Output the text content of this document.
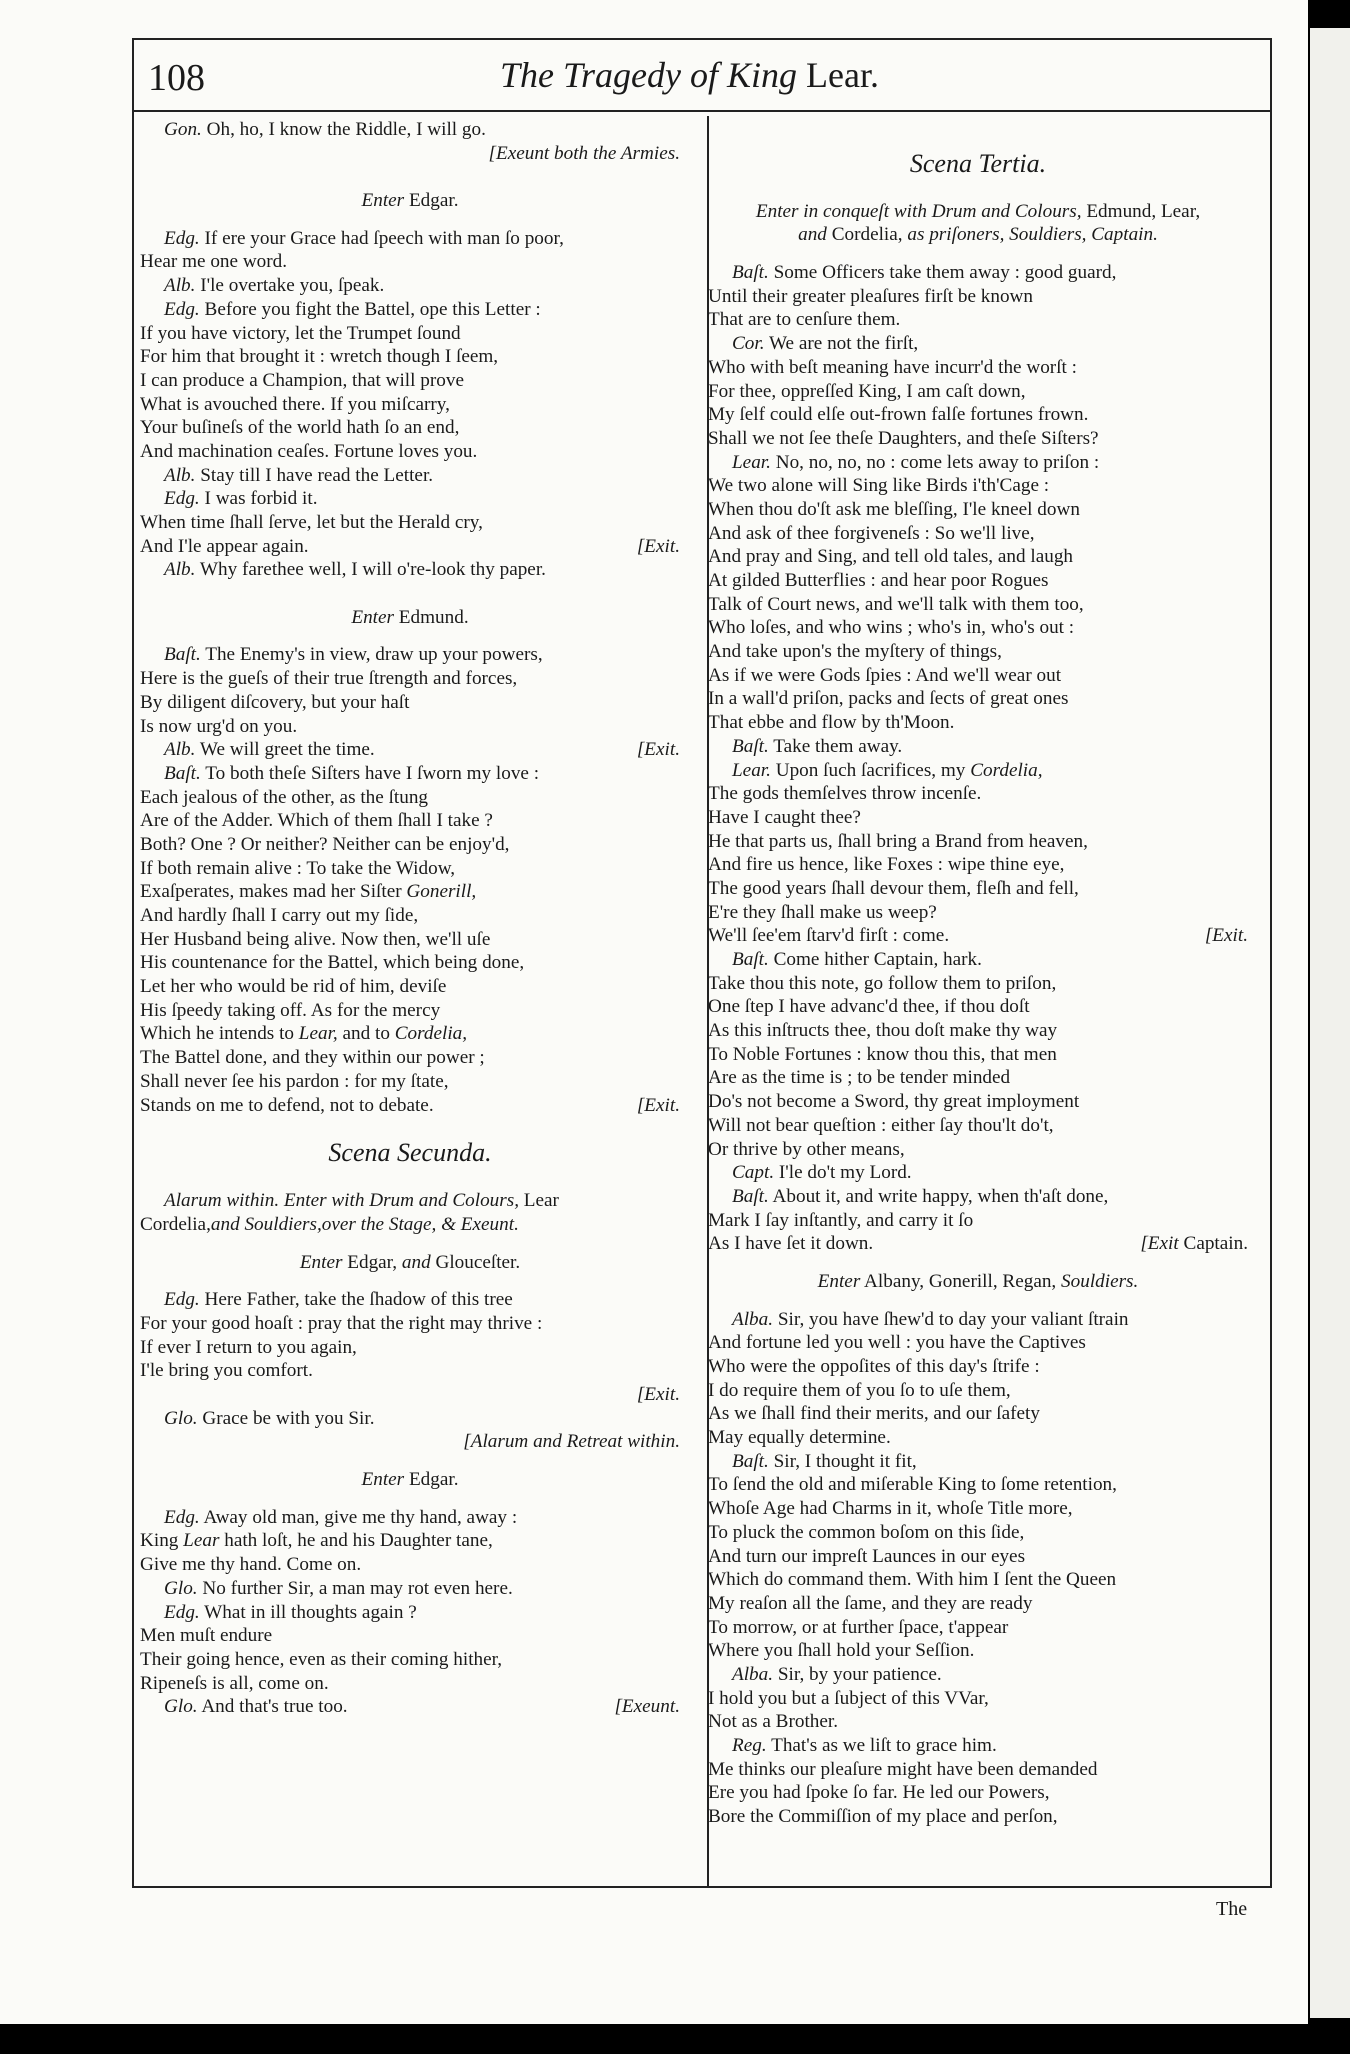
108	The Tragedy of King Lear.
Gon. Oh, ho, I know the Riddle, I will go.
[Exeunt both the Armies.
Enter Edgar.
Edg. If ere your Grace had ſpeech with man ſo poor,
Hear me one word.
Alb. I'le overtake you, ſpeak.
Edg. Before you fight the Battel, ope this Letter :
If you have victory, let the Trumpet ſound
For him that brought it : wretch though I ſeem,
I can produce a Champion, that will prove
What is avouched there. If you miſcarry,
Your buſineſs of the world hath ſo an end,
And machination ceaſes. Fortune loves you.
Alb. Stay till I have read the Letter.
Edg. I was forbid it.
When time ſhall ſerve, let but the Herald cry,
And I'le appear again.	[Exit.
Alb. Why farethee well, I will o're-look thy paper.
Enter Edmund.
Baſt. The Enemy's in view, draw up your powers,
Here is the gueſs of their true ſtrength and forces,
By diligent diſcovery, but your haſt
Is now urg'd on you.
Alb. We will greet the time.	[Exit.
Baſt. To both theſe Siſters have I ſworn my love :
Each jealous of the other, as the ſtung
Are of the Adder. Which of them ſhall I take ?
Both? One ? Or neither? Neither can be enjoy'd,
If both remain alive : To take the Widow,
Exaſperates, makes mad her Siſter Gonerill,
And hardly ſhall I carry out my ſide,
Her Husband being alive. Now then, we'll uſe
His countenance for the Battel, which being done,
Let her who would be rid of him, deviſe
His ſpeedy taking off. As for the mercy
Which he intends to Lear, and to Cordelia,
The Battel done, and they within our power ;
Shall never ſee his pardon : for my ſtate,
Stands on me to defend, not to debate.	[Exit.
Scena Secunda.
Alarum within. Enter with Drum and Colours, Lear
Cordelia,and Souldiers,over the Stage, & Exeunt.
Enter Edgar, and Glouceſter.
Edg. Here Father, take the ſhadow of this tree
For your good hoaſt : pray that the right may thrive :
If ever I return to you again,
I'le bring you comfort.
[Exit.
Glo. Grace be with you Sir.
[Alarum and Retreat within.
Enter Edgar.
Edg. Away old man, give me thy hand, away :
King Lear hath loſt, he and his Daughter tane,
Give me thy hand. Come on.
Glo. No further Sir, a man may rot even here.
Edg. What in ill thoughts again ?
Men muſt endure
Their going hence, even as their coming hither,
Ripeneſs is all, come on.
Glo. And that's true too.	[Exeunt.
Scena Tertia.
Enter in conqueſt with Drum and Colours, Edmund, Lear,
and Cordelia, as priſoners, Souldiers, Captain.
Baſt. Some Officers take them away : good guard,
Until their greater pleaſures firſt be known
That are to cenſure them.
Cor. We are not the firſt,
Who with beſt meaning have incurr'd the worſt :
For thee, oppreſſed King, I am caſt down,
My ſelf could elſe out-frown falſe fortunes frown.
Shall we not ſee theſe Daughters, and theſe Siſters?
Lear. No, no, no, no : come lets away to priſon :
We two alone will Sing like Birds i'th'Cage :
When thou do'ſt ask me bleſſing, I'le kneel down
And ask of thee forgiveneſs : So we'll live,
And pray and Sing, and tell old tales, and laugh
At gilded Butterflies : and hear poor Rogues
Talk of Court news, and we'll talk with them too,
Who loſes, and who wins ; who's in, who's out :
And take upon's the myſtery of things,
As if we were Gods ſpies : And we'll wear out
In a wall'd priſon, packs and ſects of great ones
That ebbe and flow by th'Moon.
Baſt. Take them away.
Lear. Upon ſuch ſacrifices, my Cordelia,
The gods themſelves throw incenſe.
Have I caught thee?
He that parts us, ſhall bring a Brand from heaven,
And fire us hence, like Foxes : wipe thine eye,
The good years ſhall devour them, fleſh and fell,
E're they ſhall make us weep?
We'll ſee'em ſtarv'd firſt : come.	[Exit.
Baſt. Come hither Captain, hark.
Take thou this note, go follow them to priſon,
One ſtep I have advanc'd thee, if thou doſt
As this inſtructs thee, thou doſt make thy way
To Noble Fortunes : know thou this, that men
Are as the time is ; to be tender minded
Do's not become a Sword, thy great imployment
Will not bear queſtion : either ſay thou'lt do't,
Or thrive by other means,
Capt. I'le do't my Lord.
Baſt. About it, and write happy, when th'aſt done,
Mark I ſay inſtantly, and carry it ſo
As I have ſet it down.	[Exit Captain.
Enter Albany, Gonerill, Regan, Souldiers.
Alba. Sir, you have ſhew'd to day your valiant ſtrain
And fortune led you well : you have the Captives
Who were the oppoſites of this day's ſtrife :
I do require them of you ſo to uſe them,
As we ſhall find their merits, and our ſafety
May equally determine.
Baſt. Sir, I thought it fit,
To ſend the old and miſerable King to ſome retention,
Whoſe Age had Charms in it, whoſe Title more,
To pluck the common boſom on this ſide,
And turn our impreſt Launces in our eyes
Which do command them. With him I ſent the Queen
My reaſon all the ſame, and they are ready
To morrow, or at further ſpace, t'appear
Where you ſhall hold your Seſſion.
Alba. Sir, by your patience.
I hold you but a ſubject of this VVar,
Not as a Brother.
Reg. That's as we liſt to grace him.
Me thinks our pleaſure might have been demanded
Ere you had ſpoke ſo far. He led our Powers,
Bore the Commiſſion of my place and perſon,
The
